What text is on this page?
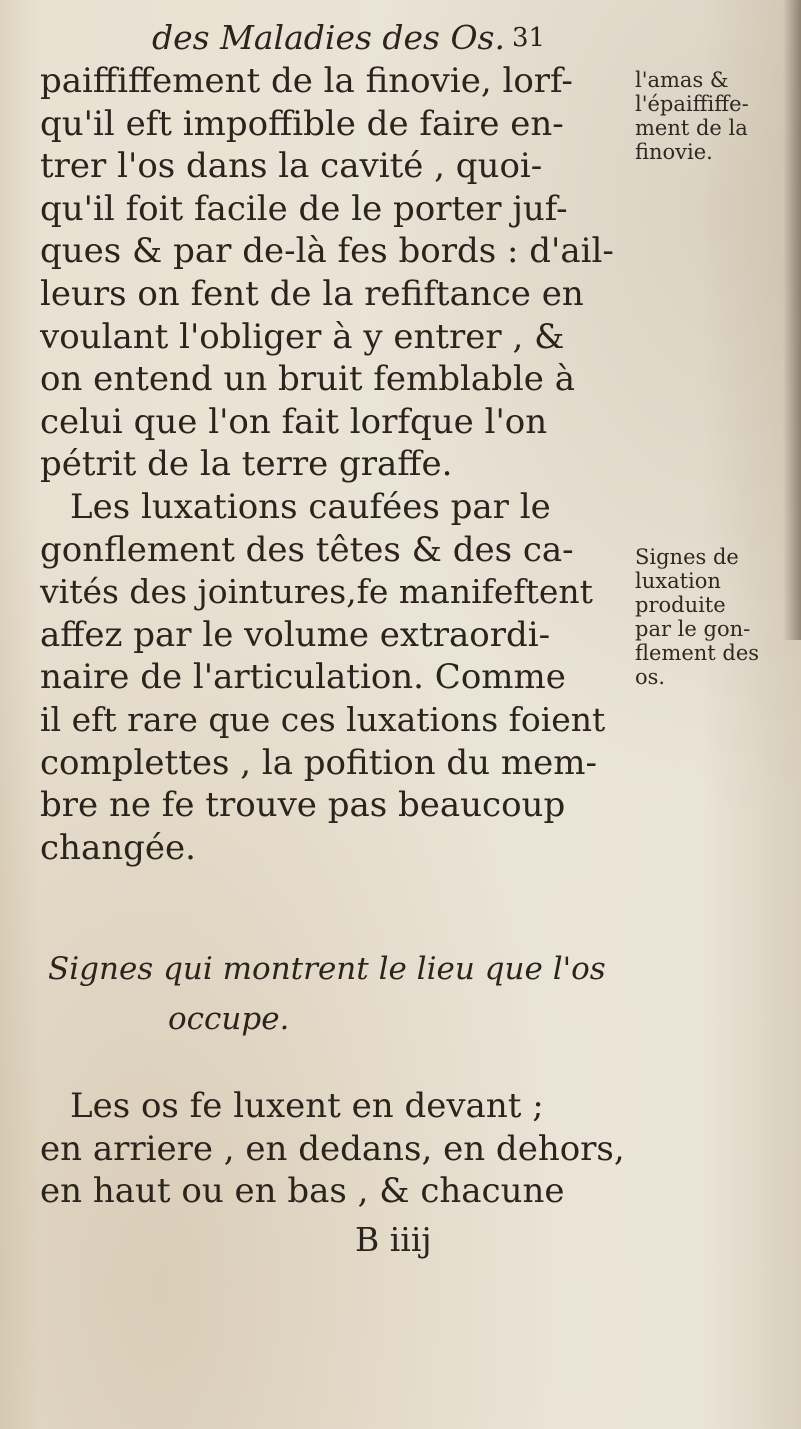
des Maladies des Os. 31
paiffiffement de la finovie, lorf-
qu'il eft impoffible de faire en-
trer l'os dans la cavité , quoi-
qu'il foit facile de le porter juf-
ques & par de-là fes bords : d'ail-
leurs on fent de la refiftance en
voulant l'obliger à y entrer , &
on entend un bruit femblable à
celui que l'on fait lorfque l'on
pétrit de la terre graffe.
Les luxations caufées par le
gonflement des têtes & des ca-
vités des jointures,fe manifeftent
affez par le volume extraordi-
naire de l'articulation. Comme
il eft rare que ces luxations foient
complettes , la pofition du mem-
bre ne fe trouve pas beaucoup
changée.
l'amas &
l'épaiffiffe-
ment de la
finovie.
Signes de
luxation
produite
par le gon-
flement des
os.
Signes qui montrent le lieu que l'os
occupe.
Les os fe luxent en devant ;
en arriere , en dedans, en dehors,
en haut ou en bas , & chacune
B iiij
